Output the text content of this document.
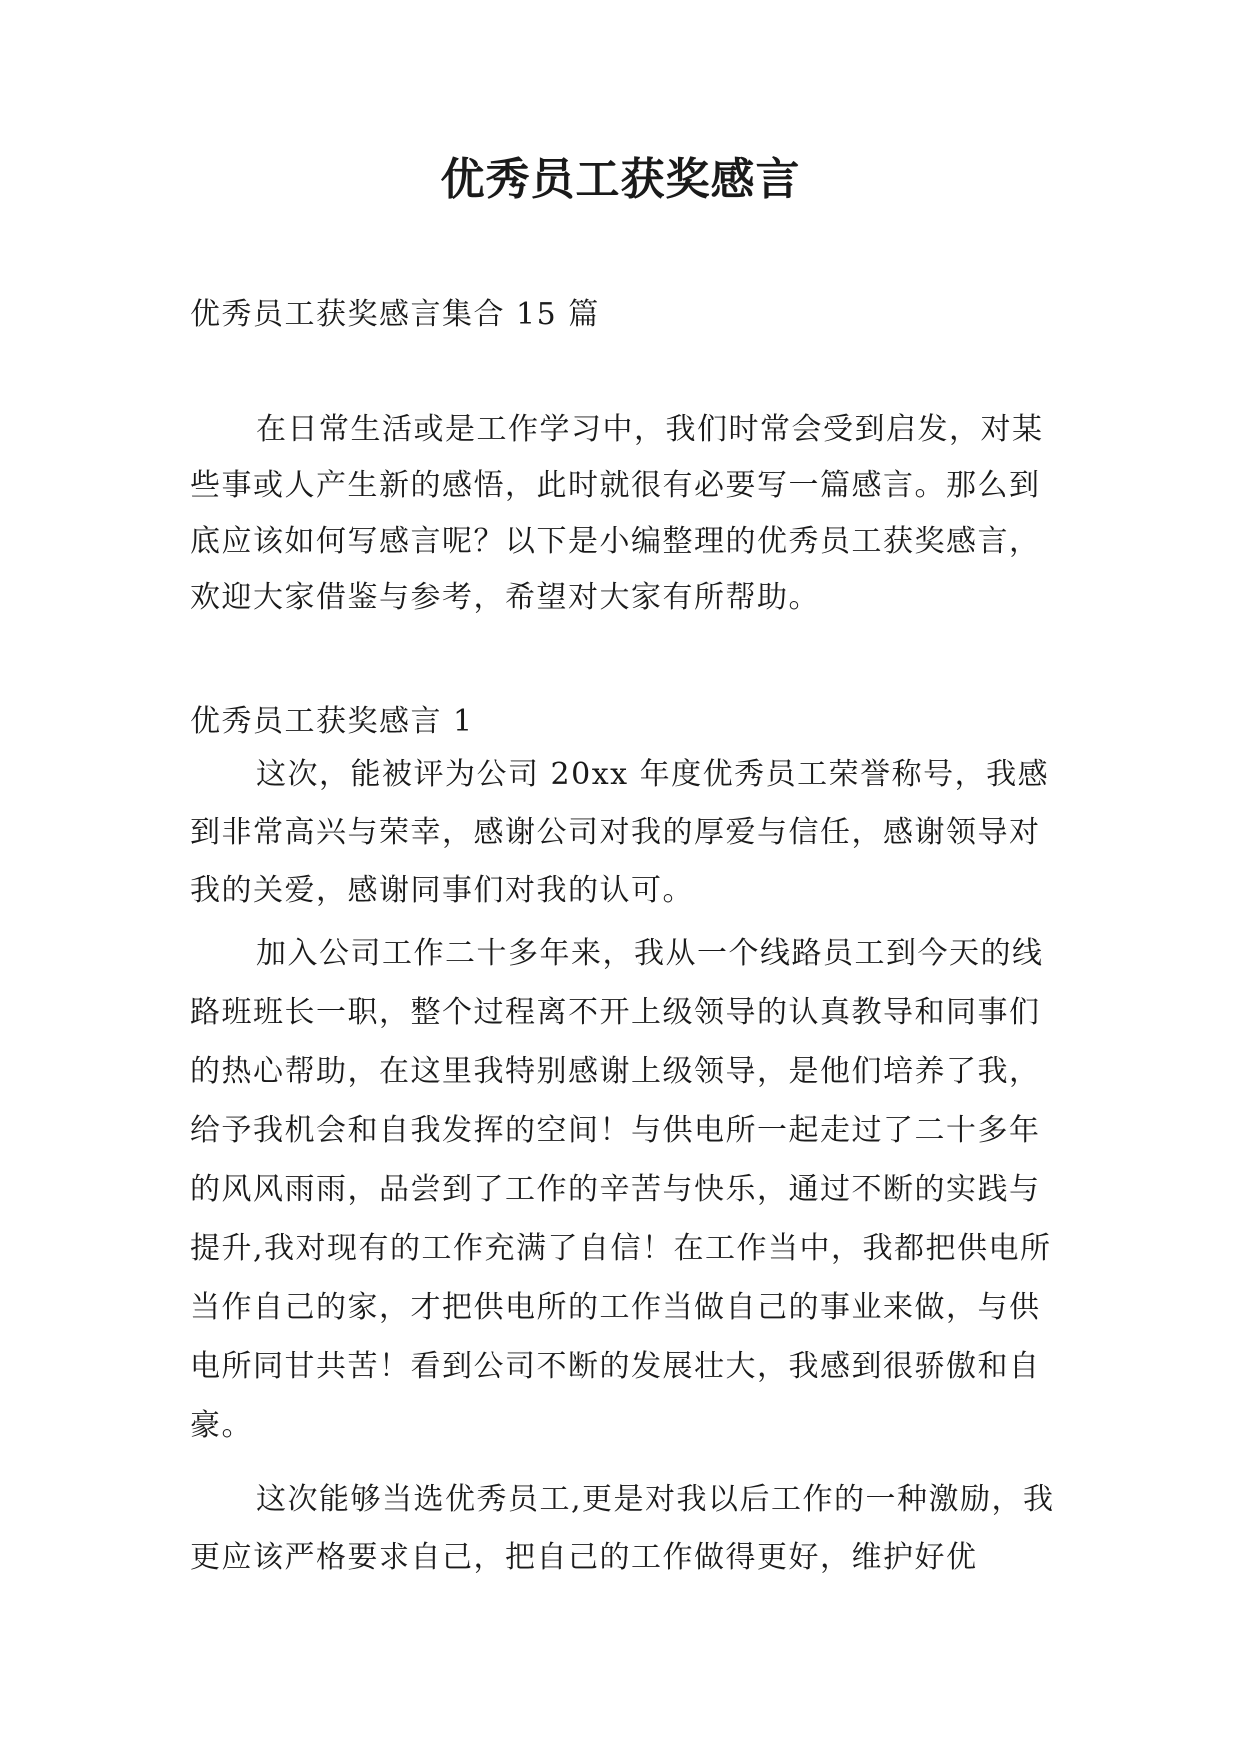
优秀员工获奖感言

优秀员工获奖感言集合 15 篇

在日常生活或是工作学习中，我们时常会受到启发，对某些事或人产生新的感悟，此时就很有必要写一篇感言。那么到底应该如何写感言呢？以下是小编整理的优秀员工获奖感言，欢迎大家借鉴与参考，希望对大家有所帮助。

优秀员工获奖感言 1

这次，能被评为公司 20xx 年度优秀员工荣誉称号，我感到非常高兴与荣幸，感谢公司对我的厚爱与信任，感谢领导对我的关爱，感谢同事们对我的认可。

加入公司工作二十多年来，我从一个线路员工到今天的线路班班长一职，整个过程离不开上级领导的认真教导和同事们的热心帮助，在这里我特别感谢上级领导，是他们培养了我，给予我机会和自我发挥的空间！与供电所一起走过了二十多年的风风雨雨，品尝到了工作的辛苦与快乐，通过不断的实践与提升,我对现有的工作充满了自信！在工作当中，我都把供电所当作自己的家，才把供电所的工作当做自己的事业来做，与供电所同甘共苦！看到公司不断的发展壮大，我感到很骄傲和自豪。

这次能够当选优秀员工,更是对我以后工作的一种激励，我更应该严格要求自己，把自己的工作做得更好，维护好优
